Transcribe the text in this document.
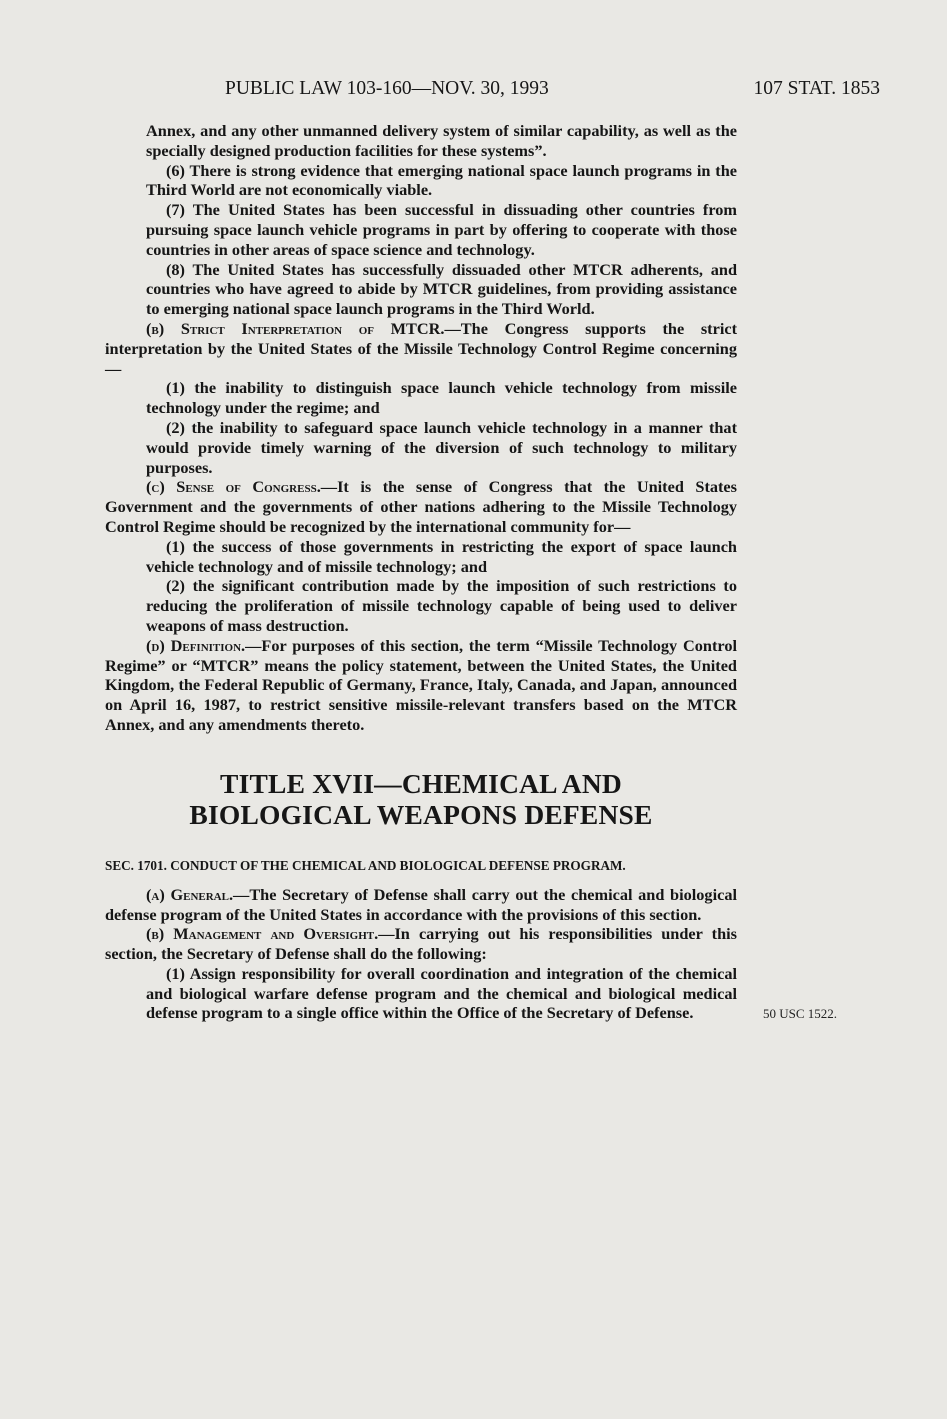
PUBLIC LAW 103-160—NOV. 30, 1993	107 STAT. 1853

Annex, and any other unmanned delivery system of similar capability, as well as the specially designed production facilities for these systems”.

(6) There is strong evidence that emerging national space launch programs in the Third World are not economically viable.

(7) The United States has been successful in dissuading other countries from pursuing space launch vehicle programs in part by offering to cooperate with those countries in other areas of space science and technology.

(8) The United States has successfully dissuaded other MTCR adherents, and countries who have agreed to abide by MTCR guidelines, from providing assistance to emerging national space launch programs in the Third World.

(b) Strict Interpretation of MTCR.—The Congress supports the strict interpretation by the United States of the Missile Technology Control Regime concerning—

(1) the inability to distinguish space launch vehicle technology from missile technology under the regime; and

(2) the inability to safeguard space launch vehicle technology in a manner that would provide timely warning of the diversion of such technology to military purposes.

(c) Sense of Congress.—It is the sense of Congress that the United States Government and the governments of other nations adhering to the Missile Technology Control Regime should be recognized by the international community for—

(1) the success of those governments in restricting the export of space launch vehicle technology and of missile technology; and

(2) the significant contribution made by the imposition of such restrictions to reducing the proliferation of missile technology capable of being used to deliver weapons of mass destruction.

(d) Definition.—For purposes of this section, the term “Missile Technology Control Regime” or “MTCR” means the policy statement, between the United States, the United Kingdom, the Federal Republic of Germany, France, Italy, Canada, and Japan, announced on April 16, 1987, to restrict sensitive missile-relevant transfers based on the MTCR Annex, and any amendments thereto.

TITLE XVII—CHEMICAL AND
BIOLOGICAL WEAPONS DEFENSE

SEC. 1701. CONDUCT OF THE CHEMICAL AND BIOLOGICAL DEFENSE PROGRAM.

(a) General.—The Secretary of Defense shall carry out the chemical and biological defense program of the United States in accordance with the provisions of this section.

(b) Management and Oversight.—In carrying out his responsibilities under this section, the Secretary of Defense shall do the following:

(1) Assign responsibility for overall coordination and integration of the chemical and biological warfare defense program and the chemical and biological medical defense program to a single office within the Office of the Secretary of Defense.	50 USC 1522.
